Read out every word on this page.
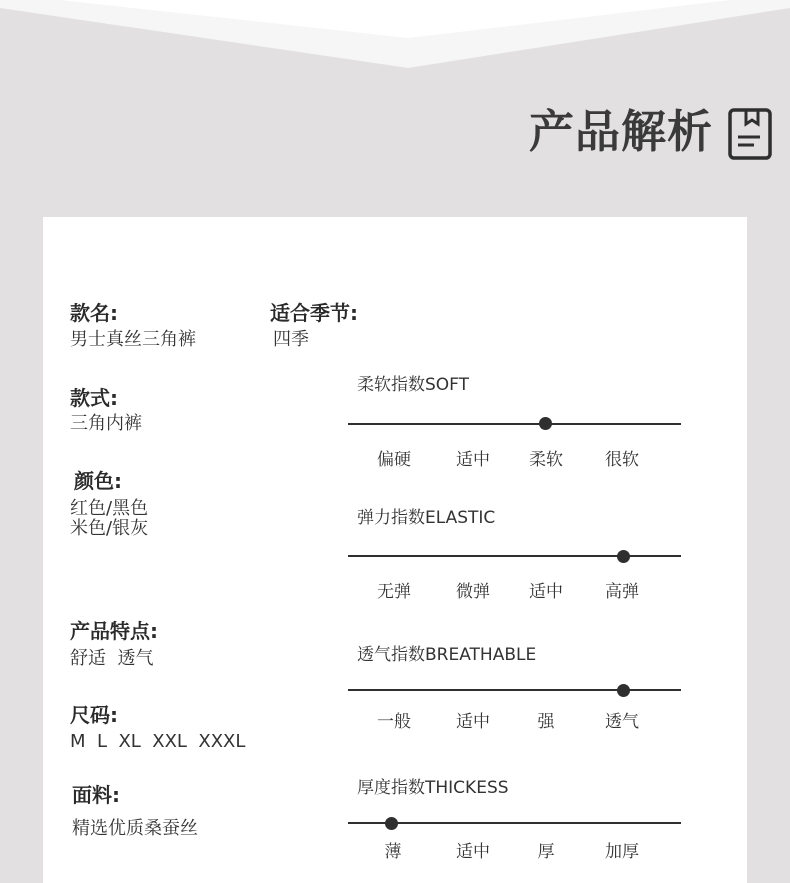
产品解析
款名:
男士真丝三角裤
适合季节:
四季
款式:
三角内裤
颜色:
红色/黑色
米色/银灰
产品特点:
舒适  透气
尺码:
M  L  XL  XXL  XXXL
面料:
精选优质桑蚕丝
柔软指数SOFT
偏硬	适中	柔软	很软
弹力指数ELASTIC
无弹	微弹	适中	高弹
透气指数BREATHABLE
一般	适中	强	透气
厚度指数THICKESS
薄	适中	厚	加厚
